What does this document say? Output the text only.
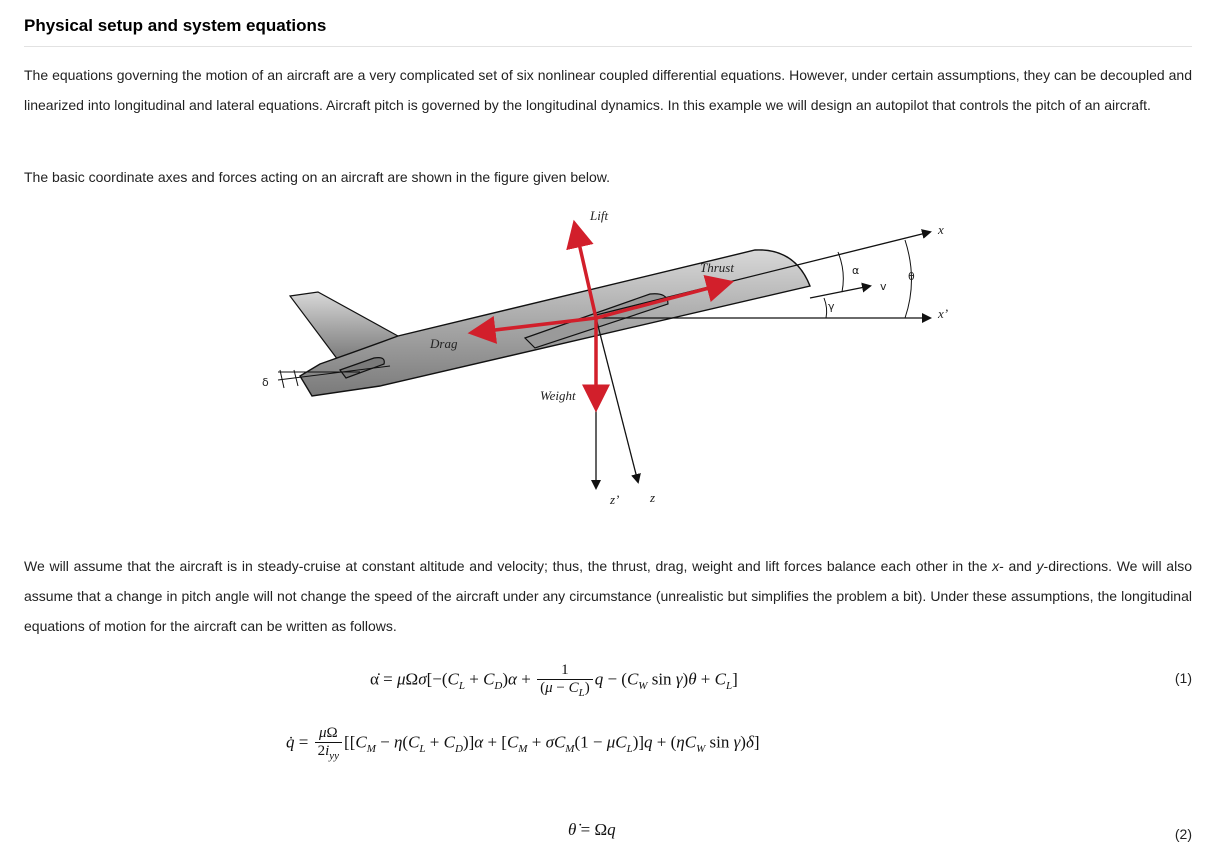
Physical setup and system equations
The equations governing the motion of an aircraft are a very complicated set of six nonlinear coupled differential equations. However, under certain assumptions, they can be decoupled and linearized into longitudinal and lateral equations. Aircraft pitch is governed by the longitudinal dynamics. In this example we will design an autopilot that controls the pitch of an aircraft.
The basic coordinate axes and forces acting on an aircraft are shown in the figure given below.
Lift
Thrust
Drag
Weight
x
x’
z’ z
α	θ
γ
v
δ
We will assume that the aircraft is in steady-cruise at constant altitude and velocity; thus, the thrust, drag, weight and lift forces balance each other in the x- and y-directions. We will also assume that a change in pitch angle will not change the speed of the aircraft under any circumstance (unrealistic but simplifies the problem a bit). Under these assumptions, the longitudinal equations of motion for the aircraft can be written as follows.
α̇ = $\mu\Omega\sigma[-(C_L + C_D)\alpha + \frac{1}{(\mu - C_L)}$ $q - (C_W$ $\sin \gamma)\theta + C_L$]	(1)
q̇ = $\frac{\mu\Omega}{2i_{yy}} [[C_M - \eta(C_L + C_D)]\alpha + [C_M + \sigma C_M(1 - \mu C_L)]q + (\eta C_W$ sin γ)δ]
θ̇ = Ωq	(2)
